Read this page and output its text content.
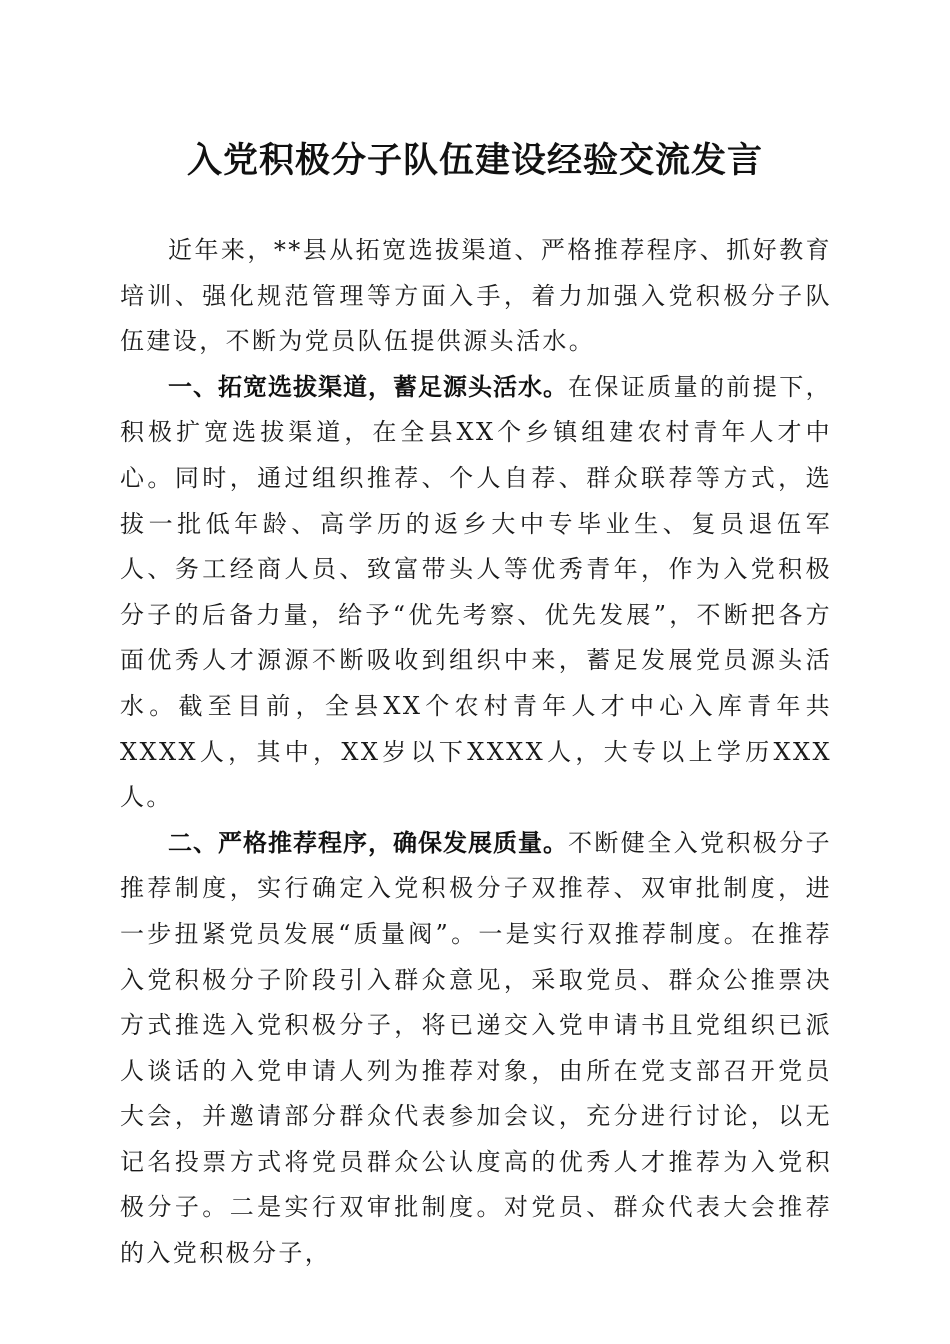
入党积极分子队伍建设经验交流发言

近年来，**县从拓宽选拔渠道、严格推荐程序、抓好教育培训、强化规范管理等方面入手，着力加强入党积极分子队伍建设，不断为党员队伍提供源头活水。

一、拓宽选拔渠道，蓄足源头活水。在保证质量的前提下，积极扩宽选拔渠道，在全县XX个乡镇组建农村青年人才中心。同时，通过组织推荐、个人自荐、群众联荐等方式，选拔一批低年龄、高学历的返乡大中专毕业生、复员退伍军人、务工经商人员、致富带头人等优秀青年，作为入党积极分子的后备力量，给予“优先考察、优先发展”，不断把各方面优秀人才源源不断吸收到组织中来，蓄足发展党员源头活水。截至目前，全县XX个农村青年人才中心入库青年共XXXX人，其中，XX岁以下XXXX人，大专以上学历XXX人。

二、严格推荐程序，确保发展质量。不断健全入党积极分子推荐制度，实行确定入党积极分子双推荐、双审批制度，进一步扭紧党员发展“质量阀”。一是实行双推荐制度。在推荐入党积极分子阶段引入群众意见，采取党员、群众公推票决方式推选入党积极分子，将已递交入党申请书且党组织已派人谈话的入党申请人列为推荐对象，由所在党支部召开党员大会，并邀请部分群众代表参加会议，充分进行讨论，以无记名投票方式将党员群众公认度高的优秀人才推荐为入党积极分子。二是实行双审批制度。对党员、群众代表大会推荐的入党积极分子，
